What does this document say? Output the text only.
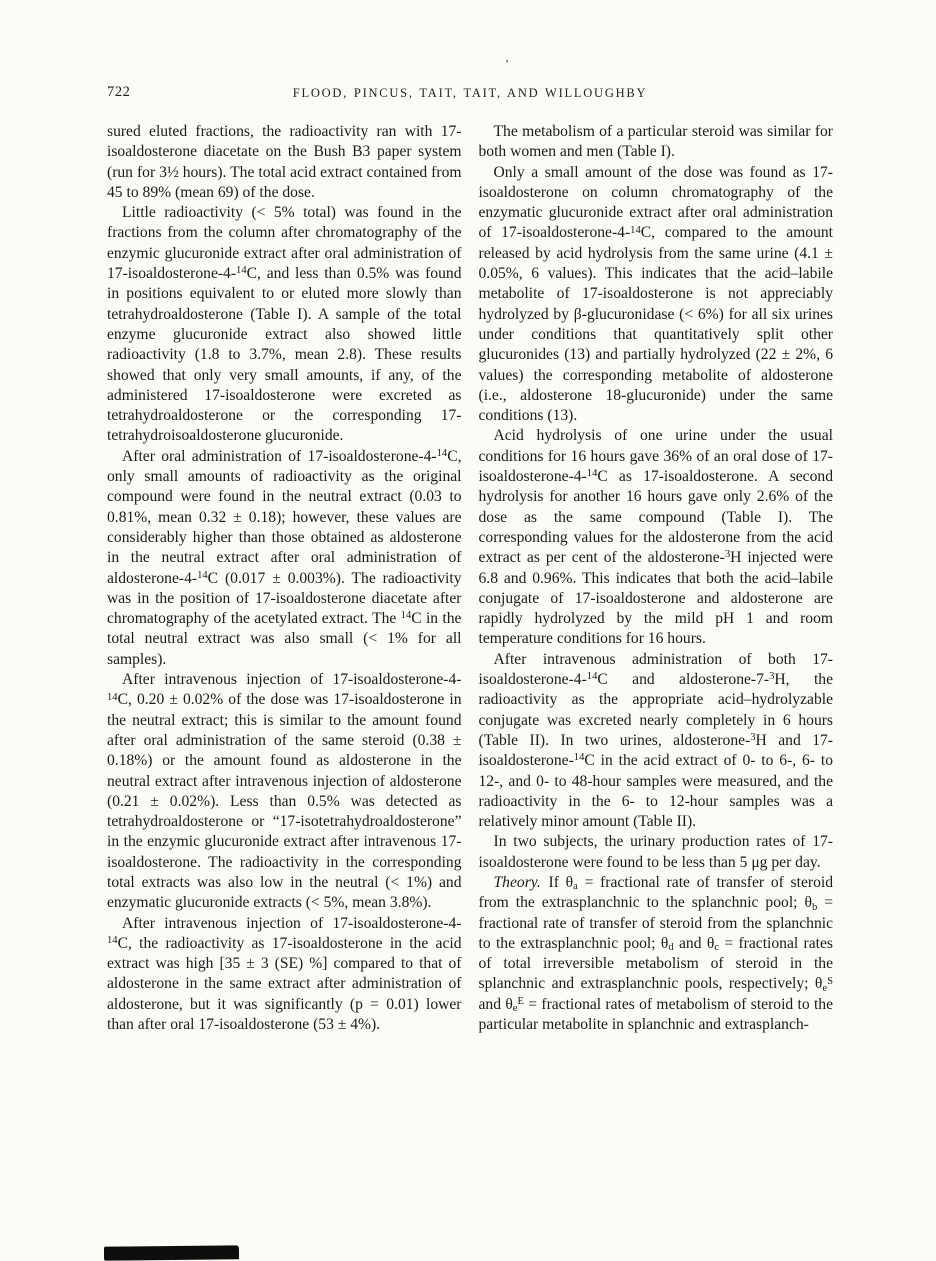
722	FLOOD, PINCUS, TAIT, TAIT, AND WILLOUGHBY
ʼ

sured eluted fractions, the radioactivity ran with 17-isoaldosterone diacetate on the Bush B3 paper system (run for 3½ hours). The total acid extract contained from 45 to 89% (mean 69) of the dose.

Little radioactivity (< 5% total) was found in the fractions from the column after chromatography of the enzymic glucuronide extract after oral administration of 17-isoaldosterone-4-$^{14}$C, and less than 0.5% was found in positions equivalent to or eluted more slowly than tetrahydroaldosterone (Table I). A sample of the total enzyme glucuronide extract also showed little radioactivity (1.8 to 3.7%, mean 2.8). These results showed that only very small amounts, if any, of the administered 17-isoaldosterone were excreted as tetrahydroaldosterone or the corresponding 17-tetrahydroisoaldosterone glucuronide.

After oral administration of 17-isoaldosterone-4-$^{14}$C, only small amounts of radioactivity as the original compound were found in the neutral extract (0.03 to 0.81%, mean 0.32 ± 0.18); however, these values are considerably higher than those obtained as aldosterone in the neutral extract after oral administration of aldosterone-4-$^{14}$C (0.017 ± 0.003%). The radioactivity was in the position of 17-isoaldosterone diacetate after chromatography of the acetylated extract. The $^{14}$C in the total neutral extract was also small (< 1% for all samples).

After intravenous injection of 17-isoaldosterone-4-$^{14}$C, 0.20 ± 0.02% of the dose was 17-isoaldosterone in the neutral extract; this is similar to the amount found after oral administration of the same steroid (0.38 ± 0.18%) or the amount found as aldosterone in the neutral extract after intravenous injection of aldosterone (0.21 ± 0.02%). Less than 0.5% was detected as tetrahydroaldosterone or “17-isotetrahydroaldosterone” in the enzymic glucuronide extract after intravenous 17-isoaldosterone. The radioactivity in the corresponding total extracts was also low in the neutral (< 1%) and enzymatic glucuronide extracts (< 5%, mean 3.8%).

After intravenous injection of 17-isoaldosterone-4-$^{14}$C, the radioactivity as 17-isoaldosterone in the acid extract was high [35 ± 3 (SE) %] compared to that of aldosterone in the same extract after administration of aldosterone, but it was significantly (p = 0.01) lower than after oral 17-isoaldosterone (53 ± 4%).

The metabolism of a particular steroid was similar for both women and men (Table I).

Only a small amount of the dose was found as 17-isoaldosterone on column chromatography of the enzymatic glucuronide extract after oral administration of 17-isoaldosterone-4-$^{14}$C, compared to the amount released by acid hydrolysis from the same urine (4.1 ± 0.05%, 6 values). This indicates that the acid–labile metabolite of 17-isoaldosterone is not appreciably hydrolyzed by β-glucuronidase (< 6%) for all six urines under conditions that quantitatively split other glucuronides (13) and partially hydrolyzed (22 ± 2%, 6 values) the corresponding metabolite of aldosterone (i.e., aldosterone 18-glucuronide) under the same conditions (13).

Acid hydrolysis of one urine under the usual conditions for 16 hours gave 36% of an oral dose of 17-isoaldosterone-4-$^{14}$C as 17-isoaldosterone. A second hydrolysis for another 16 hours gave only 2.6% of the dose as the same compound (Table I). The corresponding values for the aldosterone from the acid extract as per cent of the aldosterone-$^3$H injected were 6.8 and 0.96%. This indicates that both the acid–labile conjugate of 17-isoaldosterone and aldosterone are rapidly hydrolyzed by the mild pH 1 and room temperature conditions for 16 hours.

After intravenous administration of both 17-isoaldosterone-4-$^{14}$C and aldosterone-7-$^3$H, the radioactivity as the appropriate acid–hydrolyzable conjugate was excreted nearly completely in 6 hours (Table II). In two urines, aldosterone-$^3$H and 17-isoaldosterone-$^{14}$C in the acid extract of 0- to 6-, 6- to 12-, and 0- to 48-hour samples were measured, and the radioactivity in the 6- to 12-hour samples was a relatively minor amount (Table II).

In two subjects, the urinary production rates of 17-isoaldosterone were found to be less than 5 μg per day.

Theory. If $\theta_a$ = fractional rate of transfer of steroid from the extrasplanchnic to the splanchnic pool; $\theta_b$ = fractional rate of transfer of steroid from the splanchnic to the extrasplanchnic pool; $\theta_d$ and $\theta_c$ = fractional rates of total irreversible metabolism of steroid in the splanchnic and extrasplanchnic pools, respectively; $\theta_e^S$ and $\theta_e^E$ = fractional rates of metabolism of steroid to the particular metabolite in splanchnic and extrasplanch-
